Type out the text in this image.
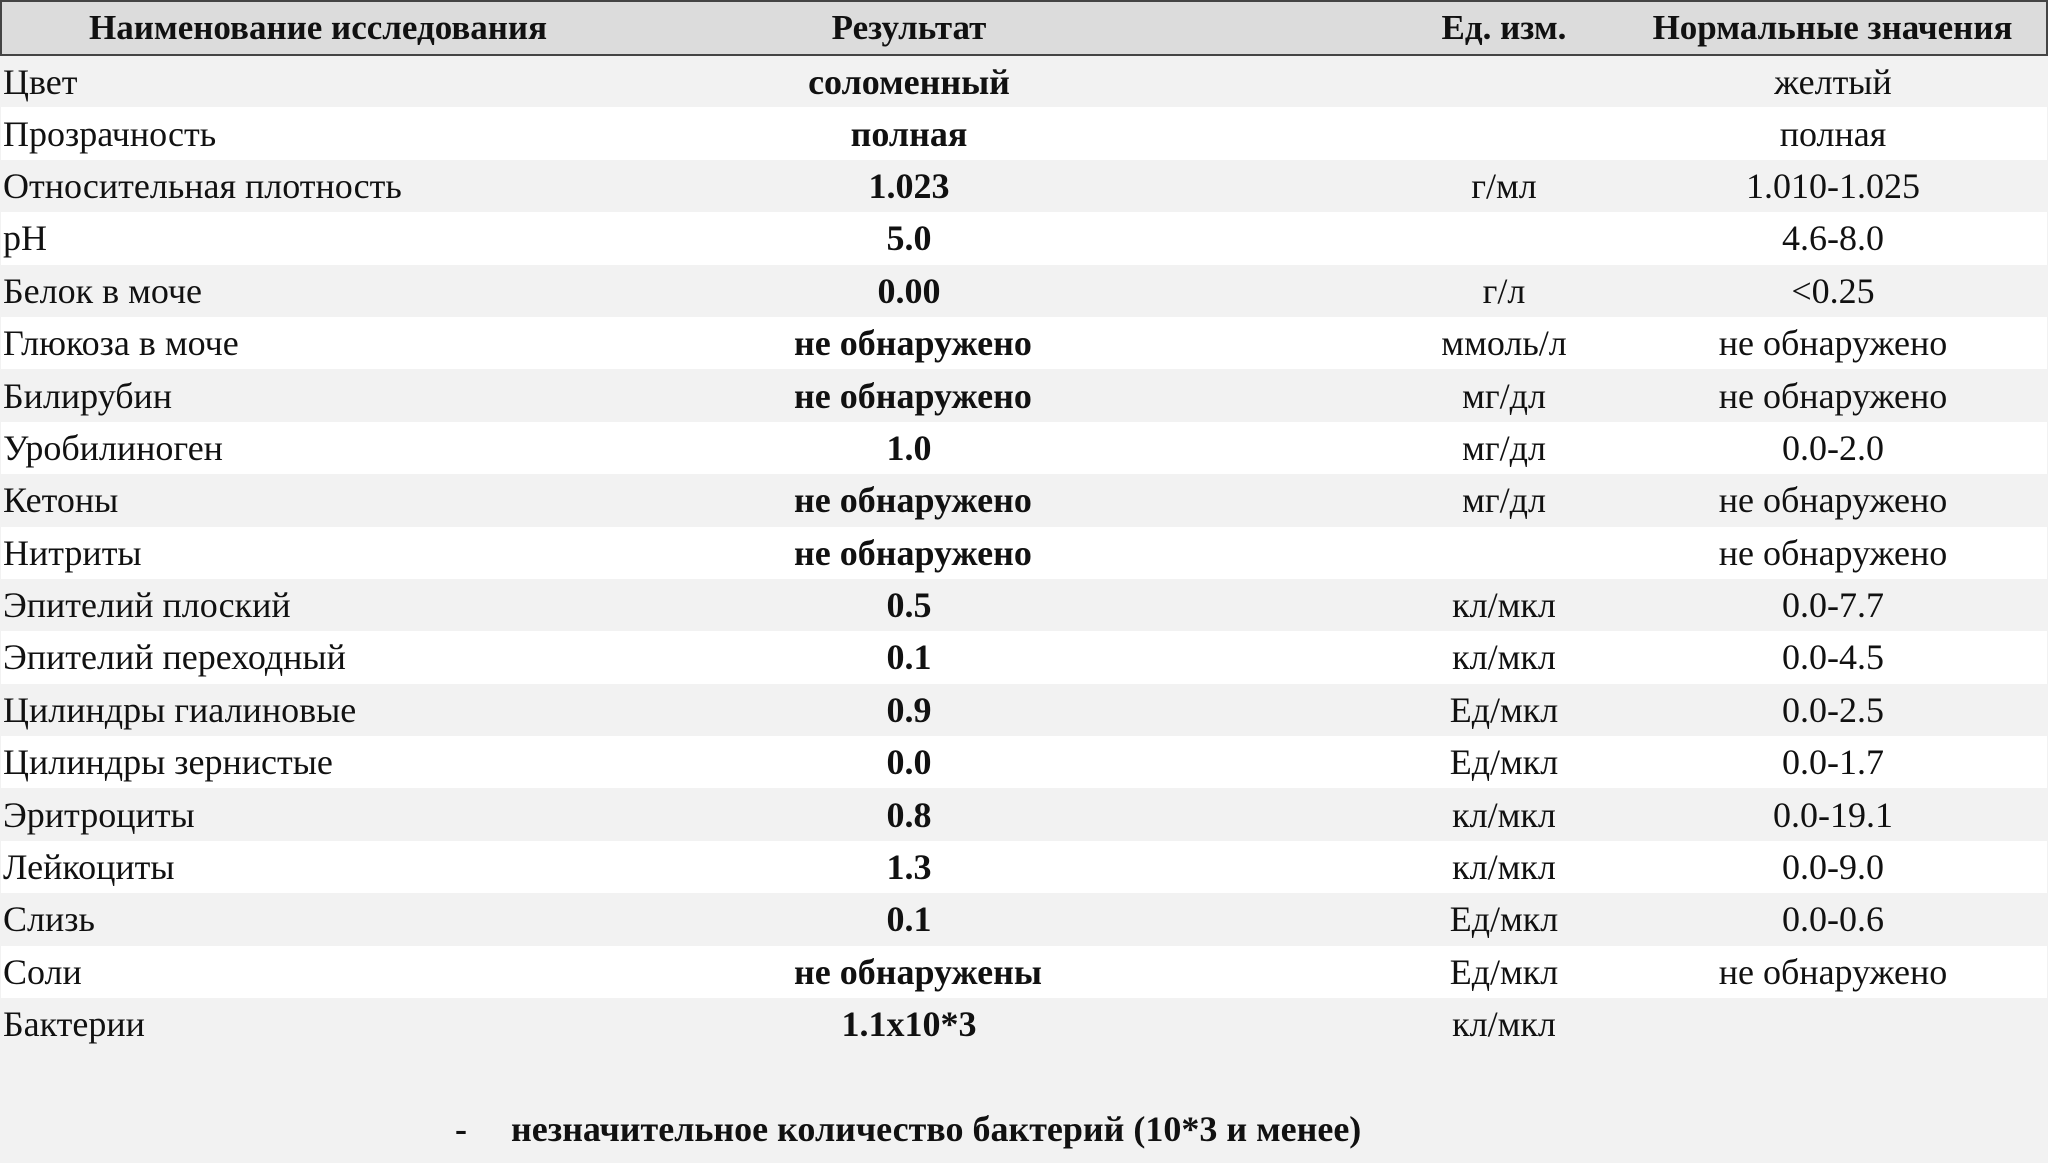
Наименование исследования	Результат		Ед. изм.	Нормальные значения
Цвет	соломенный			желтый
Прозрачность	полная			полная
Относительная плотность	1.023		г/мл	1.010-1.025
pH	5.0			4.6-8.0
Белок в моче	0.00		г/л	<0.25
Глюкоза в моче	не обнаружено		ммоль/л	не обнаружено
Билирубин	не обнаружено		мг/дл	не обнаружено
Уробилиноген	1.0		мг/дл	0.0-2.0
Кетоны	не обнаружено		мг/дл	не обнаружено
Нитриты	не обнаружено			не обнаружено
Эпителий плоский	0.5		кл/мкл	0.0-7.7
Эпителий переходный	0.1		кл/мкл	0.0-4.5
Цилиндры гиалиновые	0.9		Ед/мкл	0.0-2.5
Цилиндры зернистые	0.0		Ед/мкл	0.0-1.7
Эритроциты	0.8		кл/мкл	0.0-19.1
Лейкоциты	1.3		кл/мкл	0.0-9.0
Слизь	0.1		Ед/мкл	0.0-0.6
Соли	не обнаружены		Ед/мкл	не обнаружено
Бактерии	1.1x10*3		кл/мкл	
- незначительное количество бактерий (10*3 и менее)
